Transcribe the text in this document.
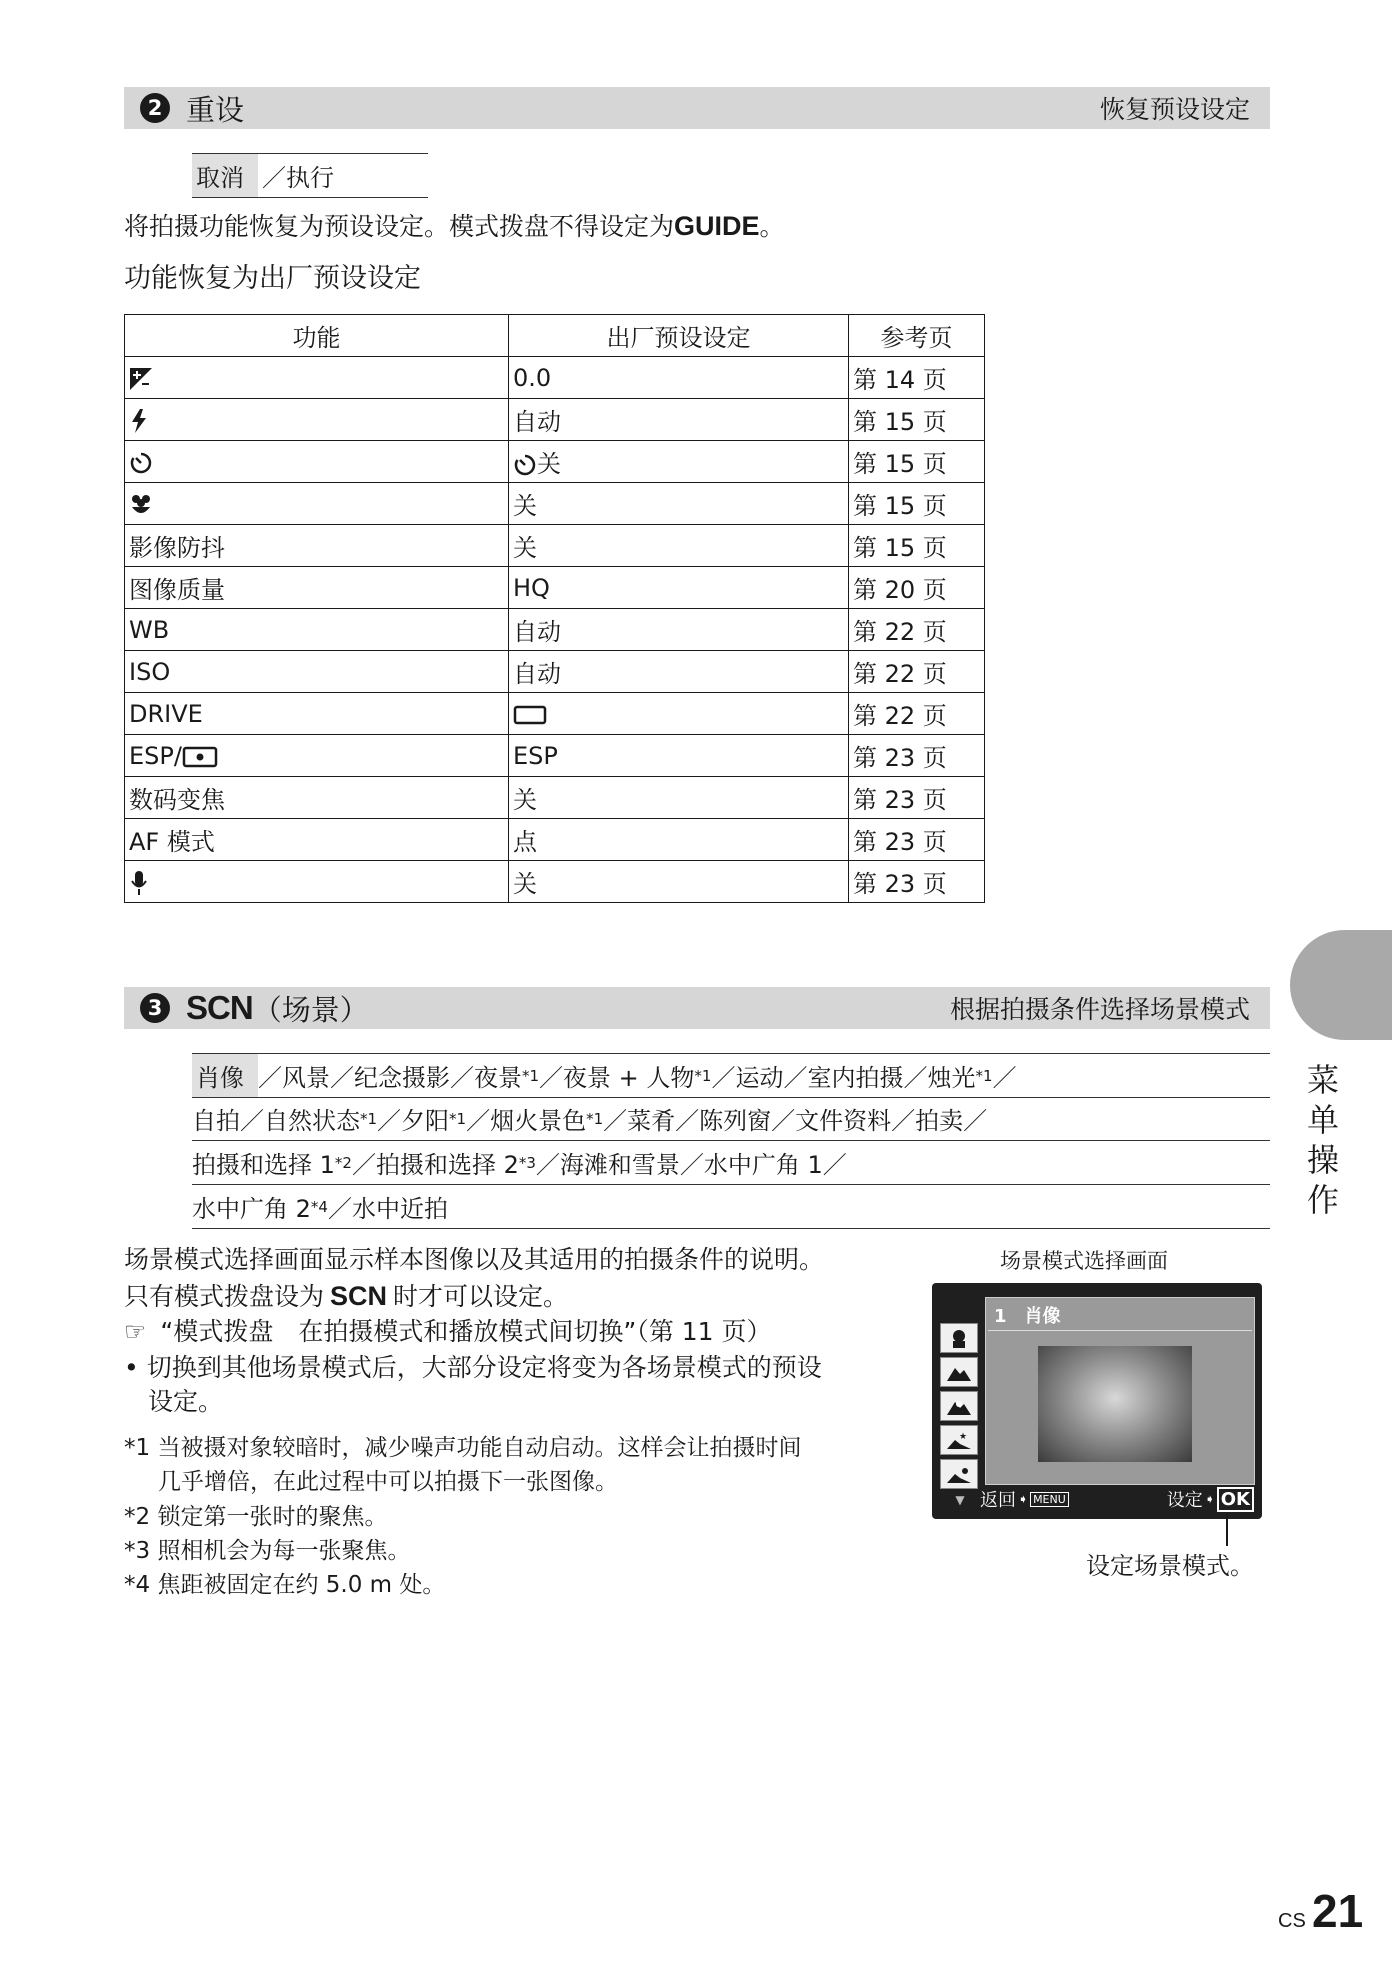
2 重设	恢复预设设定
取消 ／执行
将拍摄功能恢复为预设设定。模式拨盘不得设定为GUIDE。
功能恢复为出厂预设设定
功能	出厂预设设定	参考页
	0.0	第 14 页
	自动	第 15 页
	关	第 15 页
	关	第 15 页
影像防抖	关	第 15 页
图像质量	HQ	第 20 页
WB	自动	第 22 页
ISO	自动	第 22 页
DRIVE		第 22 页
ESP/	ESP	第 23 页
数码变焦	关	第 23 页
AF 模式	点	第 23 页
	关	第 23 页
菜单操作
3 SCN （场景）	根据拍摄条件选择场景模式
肖像 ／风景／纪念摄影／夜景 *1 ／夜景 + 人物 *1 ／运动／室内拍摄／烛光 *1 ／
自拍／自然状态 *1 ／夕阳 *1 ／烟火景色 *1 ／菜肴／陈列窗／文件资料／拍卖／
拍摄和选择 1 *2 ／拍摄和选择 2 *3 ／海滩和雪景／水中广角 1／
水中广角 2 *4 ／水中近拍
场景模式选择画面显示样本图像以及其适用的拍摄条件的说明。
只有模式拨盘设为 SCN 时才可以设定。
☞ “模式拨盘　在拍摄模式和播放模式间切换”（第 11 页）
• 切换到其他场景模式后，大部分设定将变为各场景模式的预设
设定。
*1 当被摄对象较暗时，减少噪声功能自动启动。这样会让拍摄时间
几乎增倍，在此过程中可以拍摄下一张图像。
*2 锁定第一张时的聚焦。
*3 照相机会为每一张聚焦。
*4 焦距被固定在约 5.0 m 处。
场景模式选择画面
★
▼
1　肖像
返回 ➧ MENU	设定 ➧ OK
设定场景模式。
CS 21
